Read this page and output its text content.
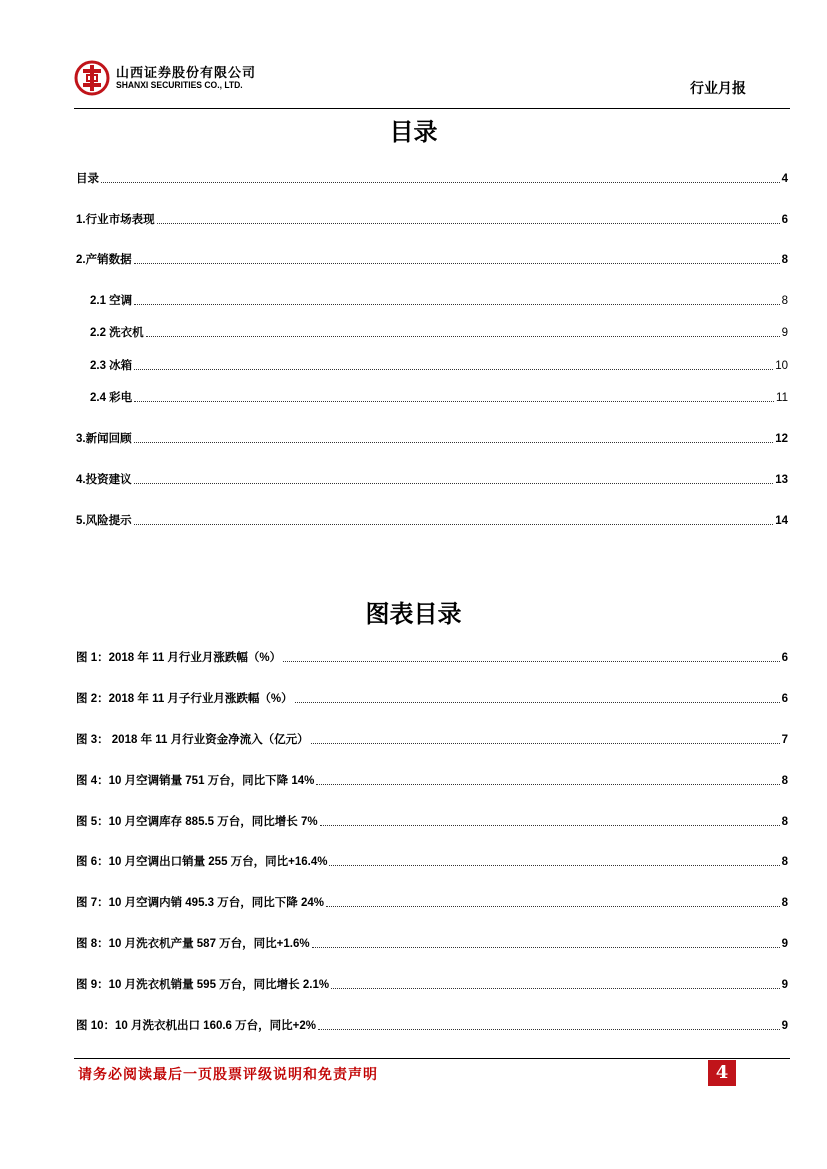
山西证券股份有限公司
SHANXI SECURITIES CO., LTD.	行业月报
目录
目录	4
1.行业市场表现	6
2.产销数据	8
2.1 空调	8
2.2 洗衣机	9
2.3 冰箱	10
2.4 彩电	11
3.新闻回顾	12
4.投资建议	13
5.风险提示	14
图表目录
图 1：2018 年 11 月行业月涨跌幅（%）	6
图 2：2018 年 11 月子行业月涨跌幅（%）	6
图 3： 2018 年 11 月行业资金净流入（亿元）	7
图 4：10 月空调销量 751 万台，同比下降 14%	8
图 5：10 月空调库存 885.5 万台，同比增长 7%	8
图 6：10 月空调出口销量 255 万台，同比+16.4%	8
图 7：10 月空调内销 495.3 万台，同比下降 24%	8
图 8：10 月洗衣机产量 587 万台，同比+1.6%	9
图 9：10 月洗衣机销量 595 万台，同比增长 2.1%	9
图 10：10 月洗衣机出口 160.6 万台，同比+2%	9
请务必阅读最后一页股票评级说明和免责声明	4
